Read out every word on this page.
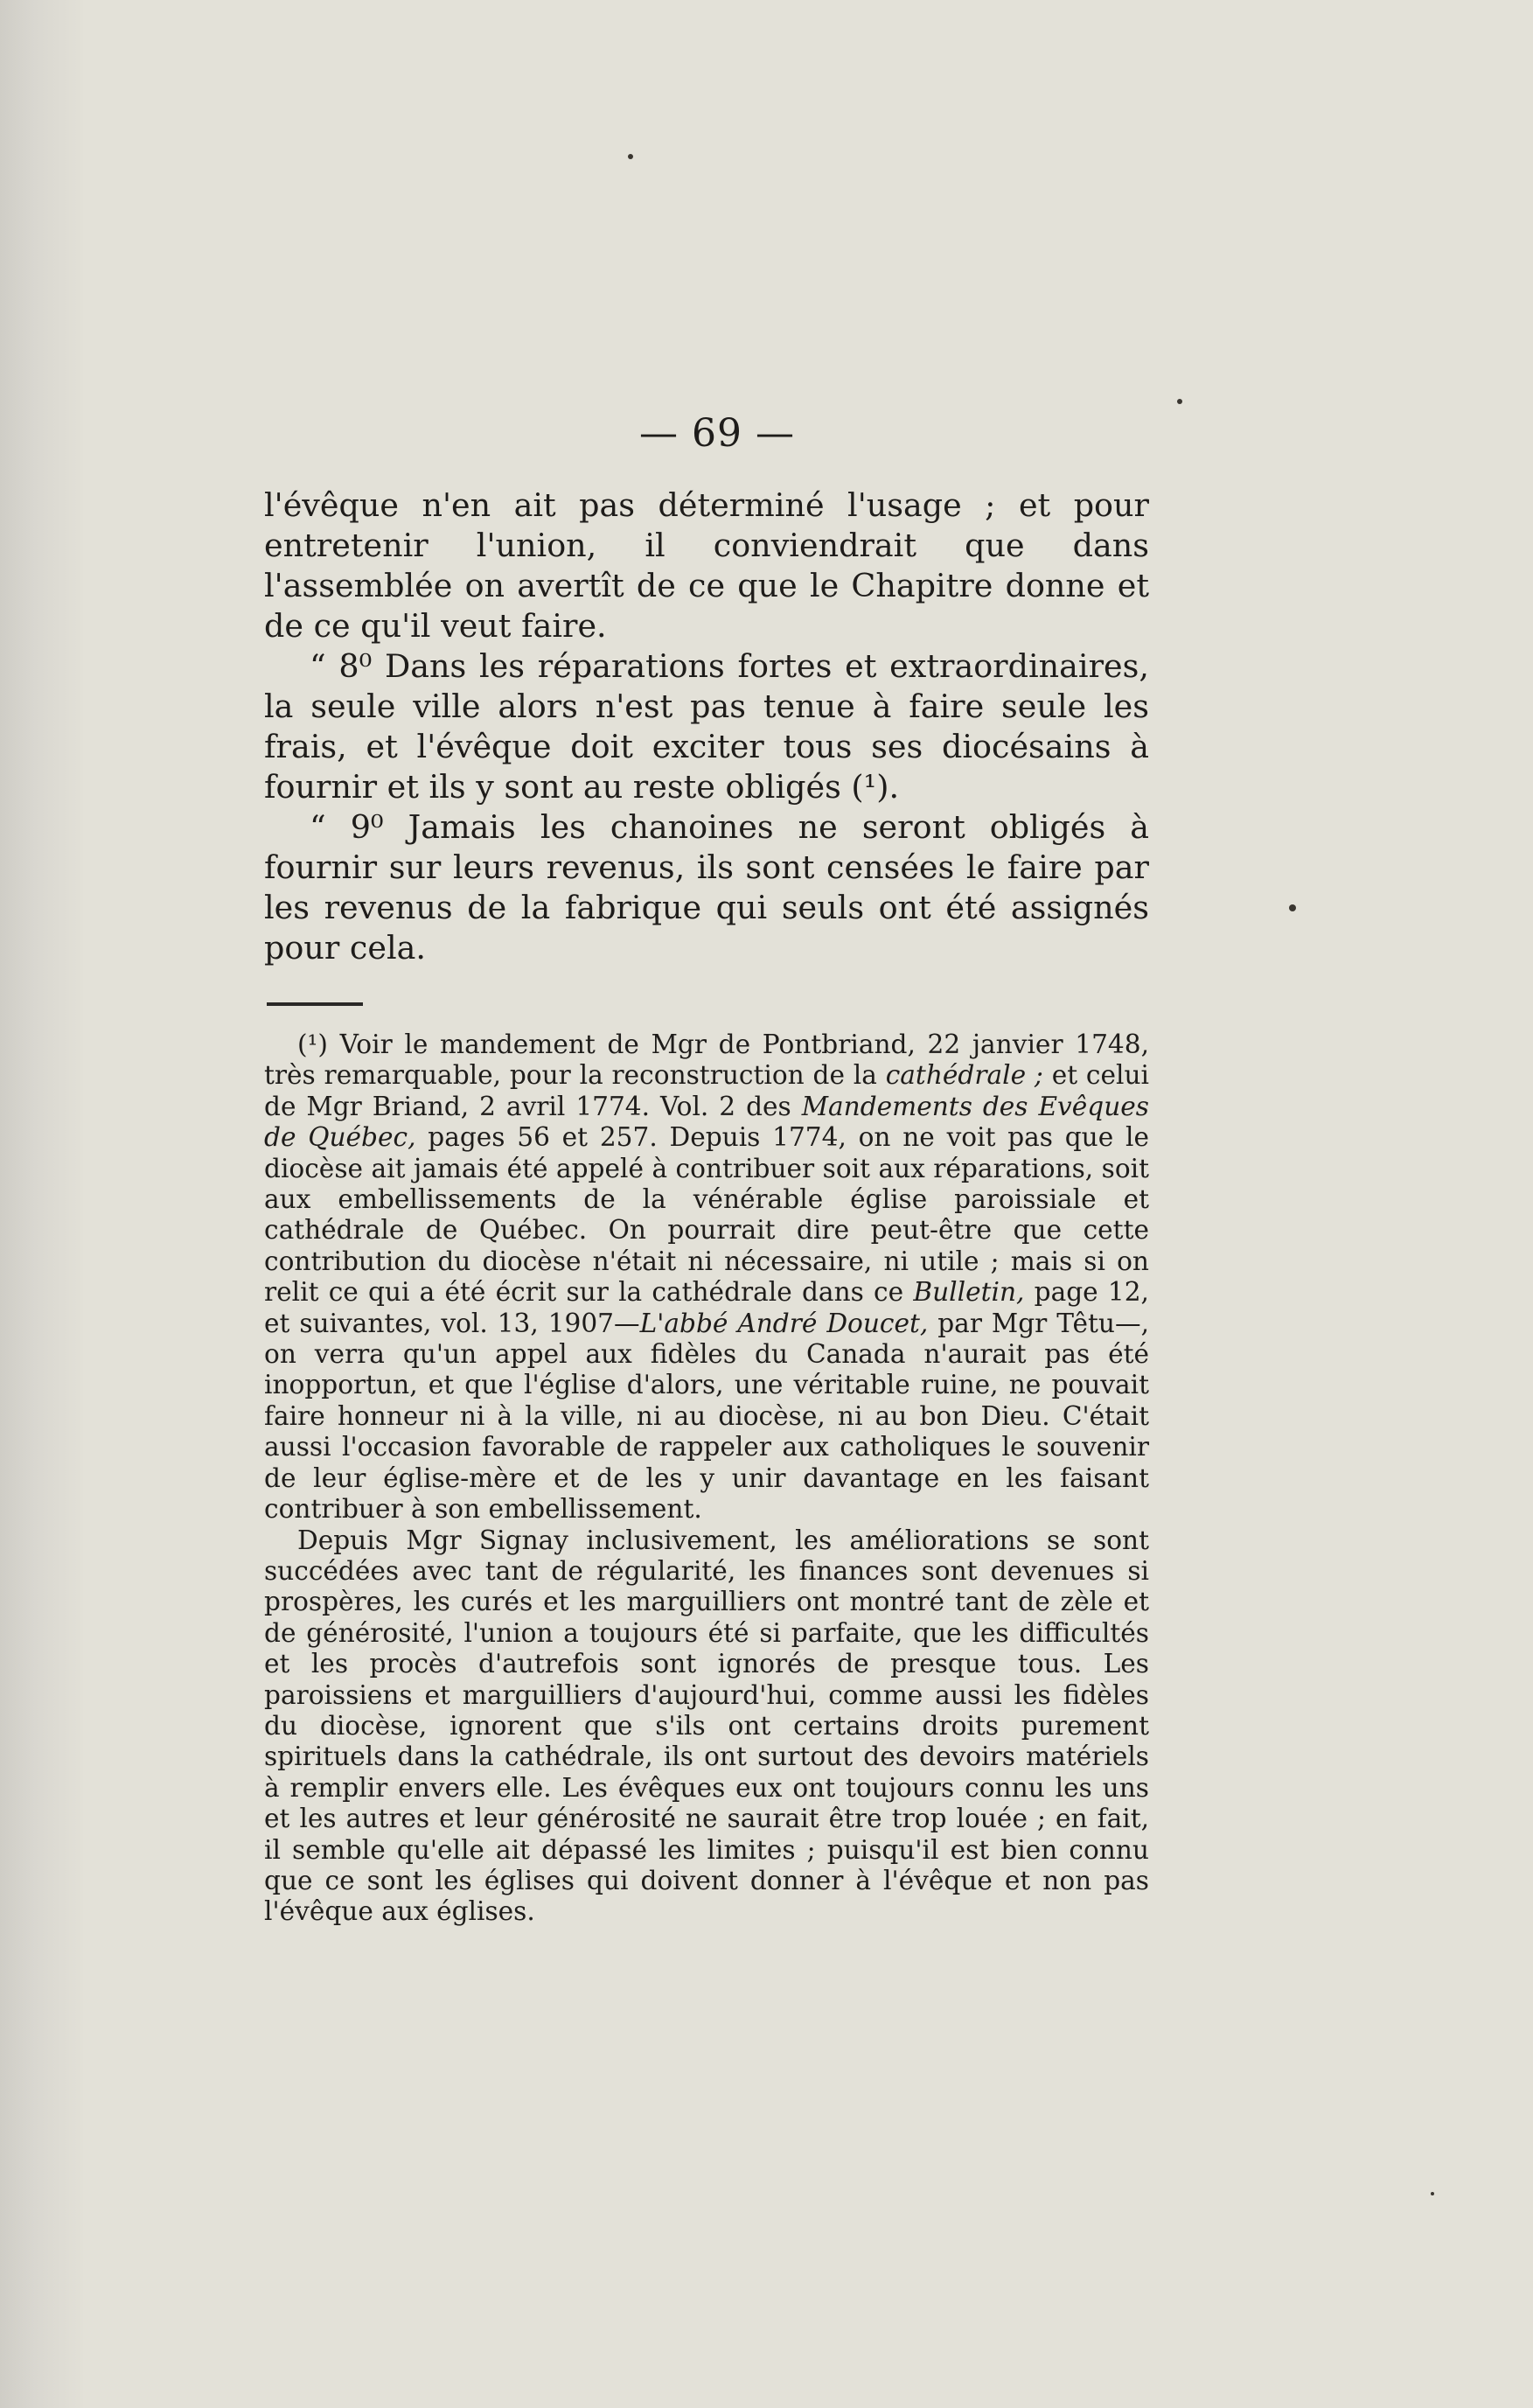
— 69 —

l'évêque n'en ait pas déterminé l'usage ; et pour entretenir l'union, il conviendrait que dans l'assemblée on avertît de ce que le Chapitre donne et de ce qu'il veut faire.

“ 8⁰ Dans les réparations fortes et extraordinaires, la seule ville alors n'est pas tenue à faire seule les frais, et l'évêque doit exciter tous ses diocésains à fournir et ils y sont au reste obligés (¹).

“ 9⁰ Jamais les chanoines ne seront obligés à fournir sur leurs revenus, ils sont censées le faire par les revenus de la fabrique qui seuls ont été assignés pour cela.

(¹) Voir le mandement de Mgr de Pontbriand, 22 janvier 1748, très remarquable, pour la reconstruction de la cathédrale ; et celui de Mgr Briand, 2 avril 1774. Vol. 2 des Mandements des Evêques de Québec, pages 56 et 257. Depuis 1774, on ne voit pas que le diocèse ait jamais été appelé à contribuer soit aux réparations, soit aux embellissements de la vénérable église paroissiale et cathédrale de Québec. On pourrait dire peut-être que cette contribution du diocèse n'était ni nécessaire, ni utile ; mais si on relit ce qui a été écrit sur la cathédrale dans ce Bulletin, page 12, et suivantes, vol. 13, 1907—L'abbé André Doucet, par Mgr Têtu—, on verra qu'un appel aux fidèles du Canada n'aurait pas été inopportun, et que l'église d'alors, une véritable ruine, ne pouvait faire honneur ni à la ville, ni au diocèse, ni au bon Dieu. C'était aussi l'occasion favorable de rappeler aux catholiques le souvenir de leur église-mère et de les y unir davantage en les faisant contribuer à son embellissement.

Depuis Mgr Signay inclusivement, les améliorations se sont succédées avec tant de régularité, les finances sont devenues si prospères, les curés et les marguilliers ont montré tant de zèle et de générosité, l'union a toujours été si parfaite, que les difficultés et les procès d'autrefois sont ignorés de presque tous. Les paroissiens et marguilliers d'aujourd'hui, comme aussi les fidèles du diocèse, ignorent que s'ils ont certains droits purement spirituels dans la cathédrale, ils ont surtout des devoirs matériels à remplir envers elle. Les évêques eux ont toujours connu les uns et les autres et leur générosité ne saurait être trop louée ; en fait, il semble qu'elle ait dépassé les limites ; puisqu'il est bien connu que ce sont les églises qui doivent donner à l'évêque et non pas l'évêque aux églises.
